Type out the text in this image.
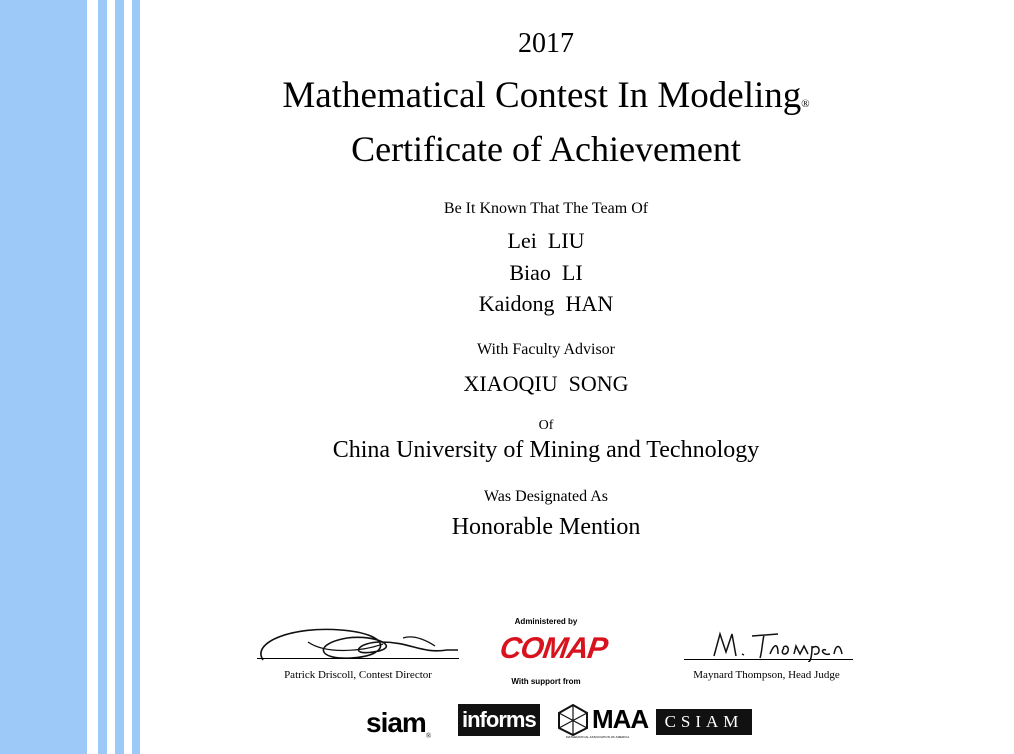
2017
Mathematical Contest In Modeling®
Certificate of Achievement
Be It Known That The Team Of
Lei  LIU
Biao  LI
Kaidong  HAN
With Faculty Advisor
XIAOQIU  SONG
Of
China University of Mining and Technology
Was Designated As
Honorable Mention
Patrick Driscoll, Contest Director	Maynard Thompson, Head Judge
Administered by
COMAP
With support from
siam®
informs MAA
MATHEMATICAL ASSOCIATION OF AMERICA
CSIAM
